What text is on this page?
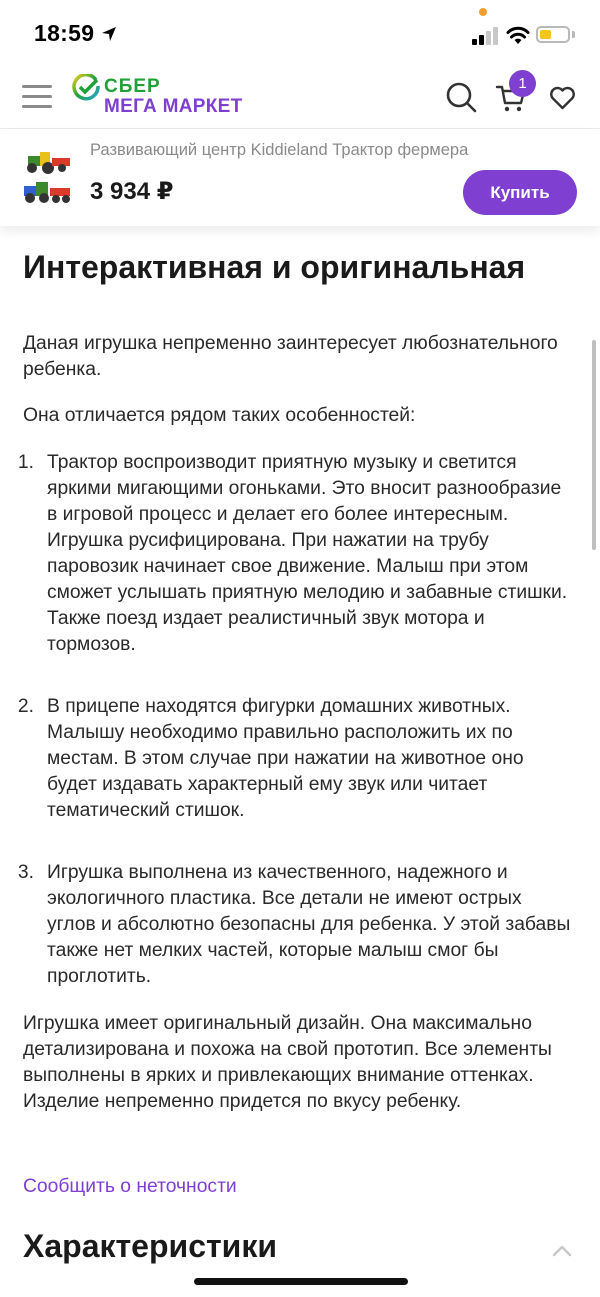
18:59
СБЕР
МЕГА МАРКЕТ
1
Развивающий центр Kiddieland Трактор фермера
3 934 ₽	Купить
Интерактивная и оригинальная

Даная игрушка непременно заинтересует любознательного ребенка.

Она отличается рядом таких особенностей:

1. Трактор воспроизводит приятную музыку и светится яркими мигающими огоньками. Это вносит разнообразие в игровой процесс и делает его более интересным. Игрушка русифицирована. При нажатии на трубу паровозик начинает свое движение. Малыш при этом сможет услышать приятную мелодию и забавные стишки. Также поезд издает реалистичный звук мотора и тормозов.

2. В прицепе находятся фигурки домашних животных. Малышу необходимо правильно расположить их по местам. В этом случае при нажатии на животное оно будет издавать характерный ему звук или читает тематический стишок.

3. Игрушка выполнена из качественного, надежного и экологичного пластика. Все детали не имеют острых углов и абсолютно безопасны для ребенка. У этой забавы также нет мелких частей, которые малыш смог бы проглотить.

Игрушка имеет оригинальный дизайн. Она максимально детализирована и похожа на свой прототип. Все элементы выполнены в ярких и привлекающих внимание оттенках. Изделие непременно придется по вкусу ребенку.

Сообщить о неточности
Характеристики
